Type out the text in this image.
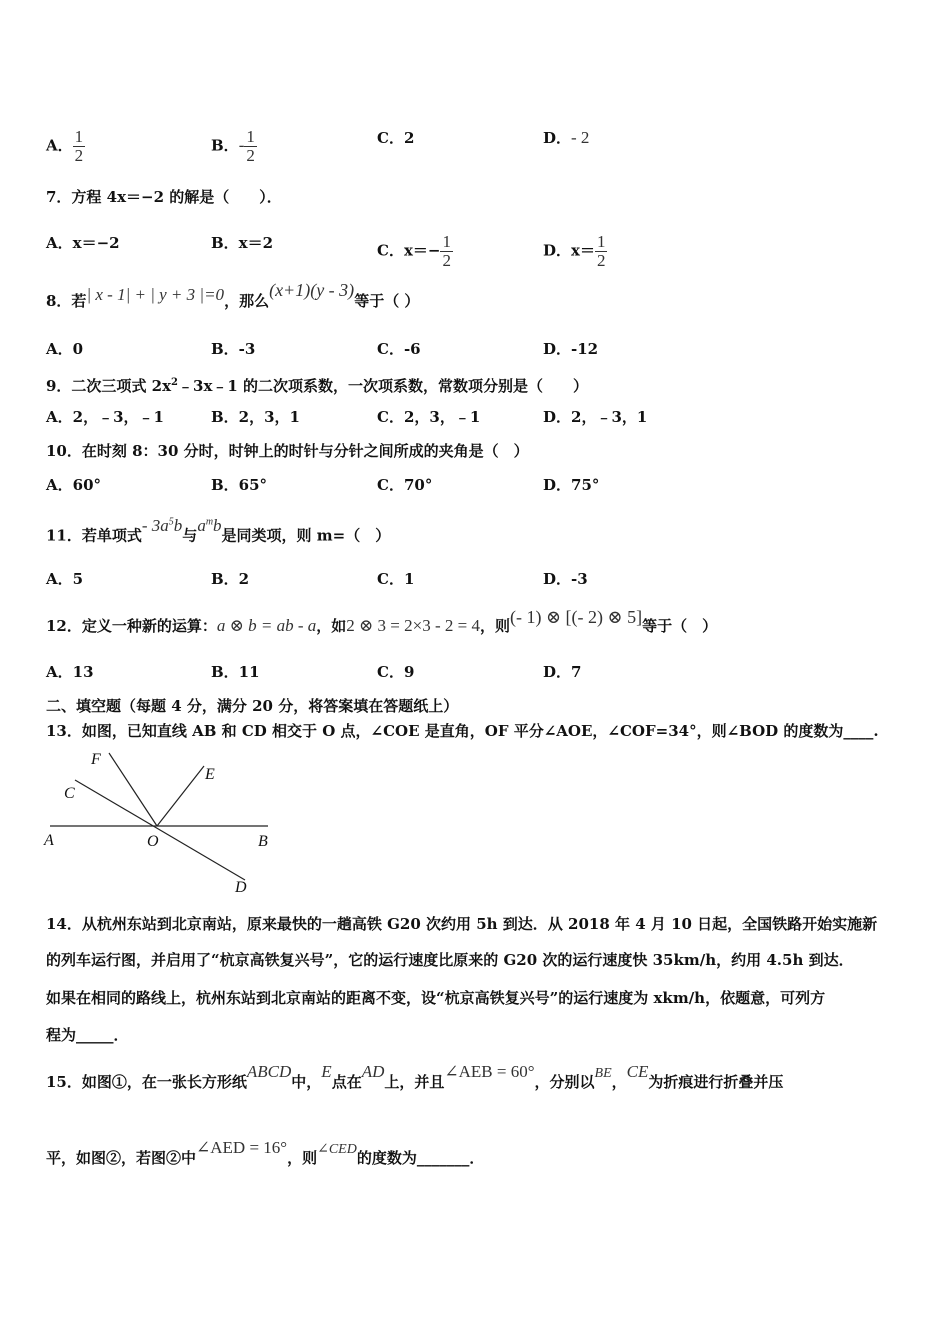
A． $\frac{1}{2}$	B．- $\frac{1}{2}$	C．2	D．- 2
7．方程 4x＝−2 的解是（　　）．
A．x＝−2	B．x＝2	C．$x=- \frac{1}{2}$	D．$x= \frac{1}{2}$
8．若| x - 1| + | y + 3 |=0，那么(x+1)(y - 3)等于（ ）
A．0	B．-3	C．-6	D．-12
9．二次三项式 $2x^2﹣3x﹣1$ 的二次项系数，一次项系数，常数项分别是（　　）
A．2，﹣3，﹣1	B．2，3，1	C．2，3，﹣1	D．2，﹣3，1
10．在时刻 8：30 分时，时钟上的时针与分针之间所成的夹角是（　）
A．60°	B．65°	C．70°	D．75°
11．若单项式- $3a^5b$与$a^mb$是同类项，则 m=（　）
A．5	B．2	C．1	D．-3
12．定义一种新的运算：a ⊗ b = ab - a，如2 ⊗ 3 = 2×3 - 2 = 4，则(- 1) ⊗ [(- 2) ⊗ 5]等于（　）
A．13	B．11	C．9	D．7
二、填空题（每题 4 分，满分 20 分，将答案填在答题纸上）
13．如图，已知直线 AB 和 CD 相交于 O 点，∠COE 是直角，OF 平分∠AOE，∠COF=34°，则∠BOD 的度数为____.
F
E
C
A	O	B
D
14．从杭州东站到北京南站，原来最快的一趟高铁 G20 次约用 5h 到达．从 2018 年 4 月 10 日起，全国铁路开始实施新
的列车运行图，并启用了“杭京高铁复兴号”，它的运行速度比原来的 G20 次的运行速度快 35km/h，约用 4.5h 到达．
如果在相同的路线上，杭州东站到北京南站的距离不变，设“杭京高铁复兴号”的运行速度为 xkm/h，依题意，可列方
程为_____．
15．如图①，在一张长方形纸ABCD中，E点在AD上，并且∠AEB = 60°，分别以BE，CE为折痕进行折叠并压
平，如图②，若图②中∠AED = 16°，则∠CED的度数为_______．
